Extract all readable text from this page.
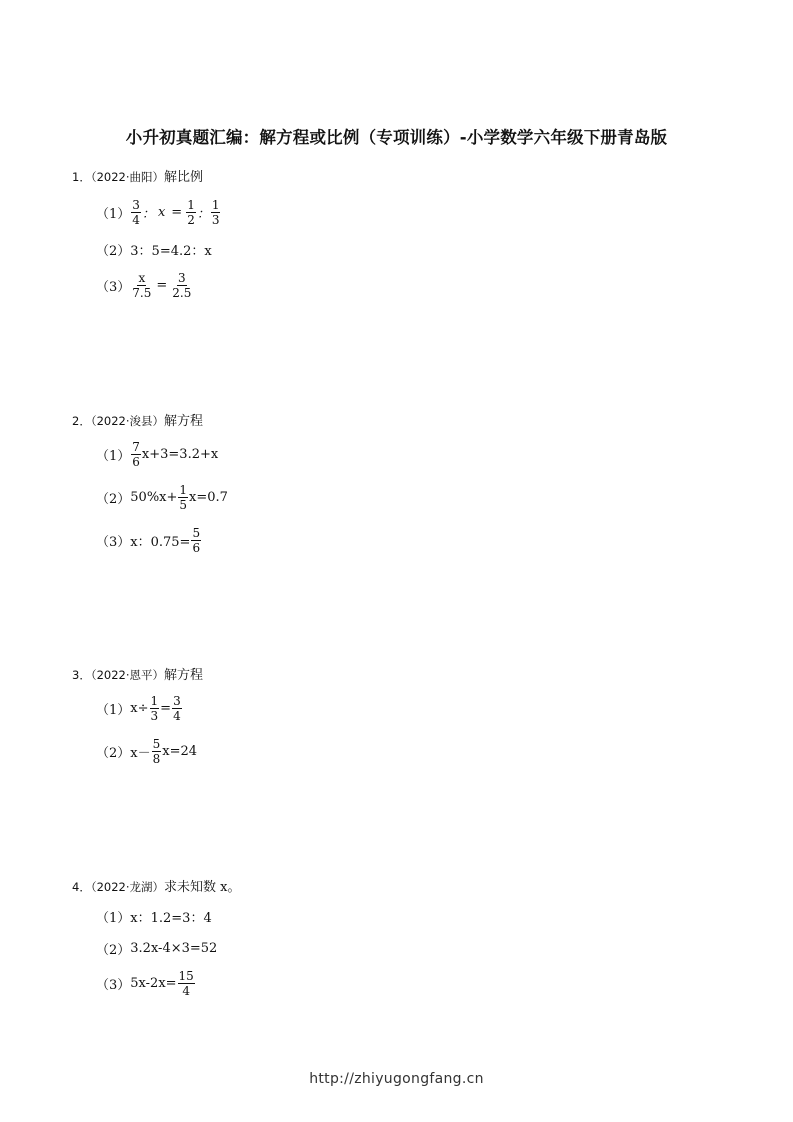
小升初真题汇编：解方程或比例（专项训练）-小学数学六年级下册青岛版
1．（2022·曲阳）解比例
$(1) \frac{3}{4}$ ： $x = \frac{1}{2}$ ： $\frac{1}{3}$
（2） 3：5=4.2：x
$(3) \frac{x}{7.5} = \frac{3}{2.5}$
2．（2022·浚县）解方程
$(1) \frac{7}{6} x+3=3.2+x$
（2） $50\%x+ \frac{1}{5} x=0.7$
（3） x：$0.75= \frac{5}{6}$
3．（2022·恩平）解方程
（1） $x\div \frac{1}{3} = \frac{3}{4}$
（2） $x- \frac{5}{8} x=24$
4．（2022·龙湖）求未知数 x。
（1） x：1.2=3：4
（2） 3.2x-4×3=52
（3） $5x-2x= \frac{15}{4}$
http://zhiyugongfang.cn
